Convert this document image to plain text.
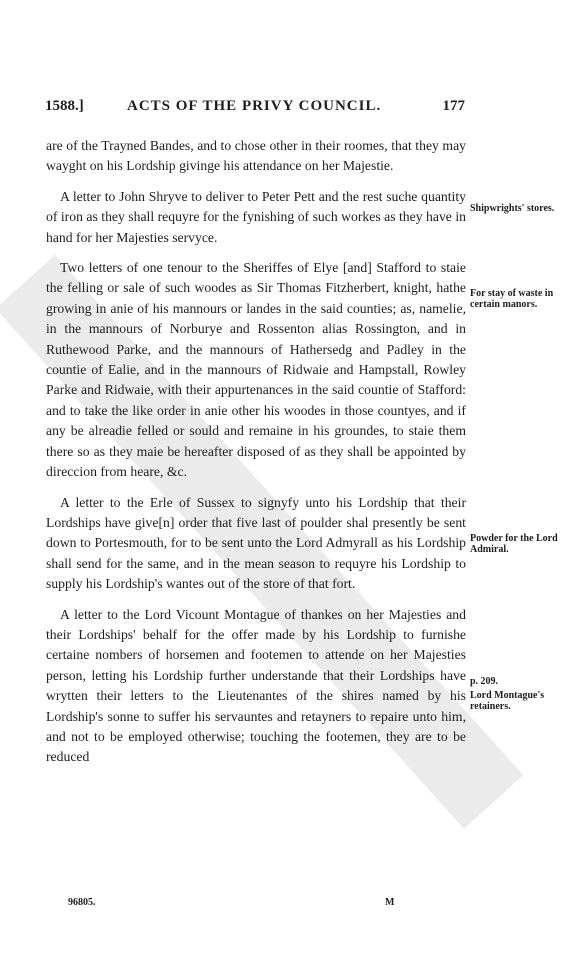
1588.]	ACTS OF THE PRIVY COUNCIL.	177

are of the Trayned Bandes, and to chose other in their roomes, that they may wayght on his Lordship givinge his attendance on her Majestie.

A letter to John Shryve to deliver to Peter Pett and the rest suche quantity of iron as they shall requyre for the fynishing of such workes as they have in hand for her Majesties servyce.

Two letters of one tenour to the Sheriffes of Elye [and] Stafford to staie the felling or sale of such woodes as Sir Thomas Fitzherbert, knight, hathe growing in anie of his mannours or landes in the said counties; as, namelie, in the mannours of Norburye and Rossenton alias Rossington, and in Ruthewood Parke, and the mannours of Hathersedg and Padley in the countie of Ealie, and in the mannours of Ridwaie and Hampstall, Rowley Parke and Ridwaie, with their appurtenances in the said countie of Stafford: and to take the like order in anie other his woodes in those countyes, and if any be alreadie felled or sould and remaine in his groundes, to staie them there so as they maie be hereafter disposed of as they shall be appointed by direccion from heare, &c.

A letter to the Erle of Sussex to signyfy unto his Lordship that their Lordships have give[n] order that five last of poulder shal presently be sent down to Portesmouth, for to be sent unto the Lord Admyrall as his Lordship shall send for the same, and in the mean season to requyre his Lordship to supply his Lordship's wantes out of the store of that fort.

A letter to the Lord Vicount Montague of thankes on her Majesties and their Lordships' behalf for the offer made by his Lordship to furnishe certaine nombers of horsemen and footemen to attende on her Majesties person, letting his Lordship further understande that their Lordships have wrytten their letters to the Lieutenantes of the shires named by his Lordship's sonne to suffer his servauntes and retayners to repaire unto him, and not to be employed otherwise; touching the footemen, they are to be reduced

Shipwrights' stores.
For stay of waste in certain manors.
Powder for the Lord Admiral.
p. 209.
Lord Montague's retainers.
96805.	M
